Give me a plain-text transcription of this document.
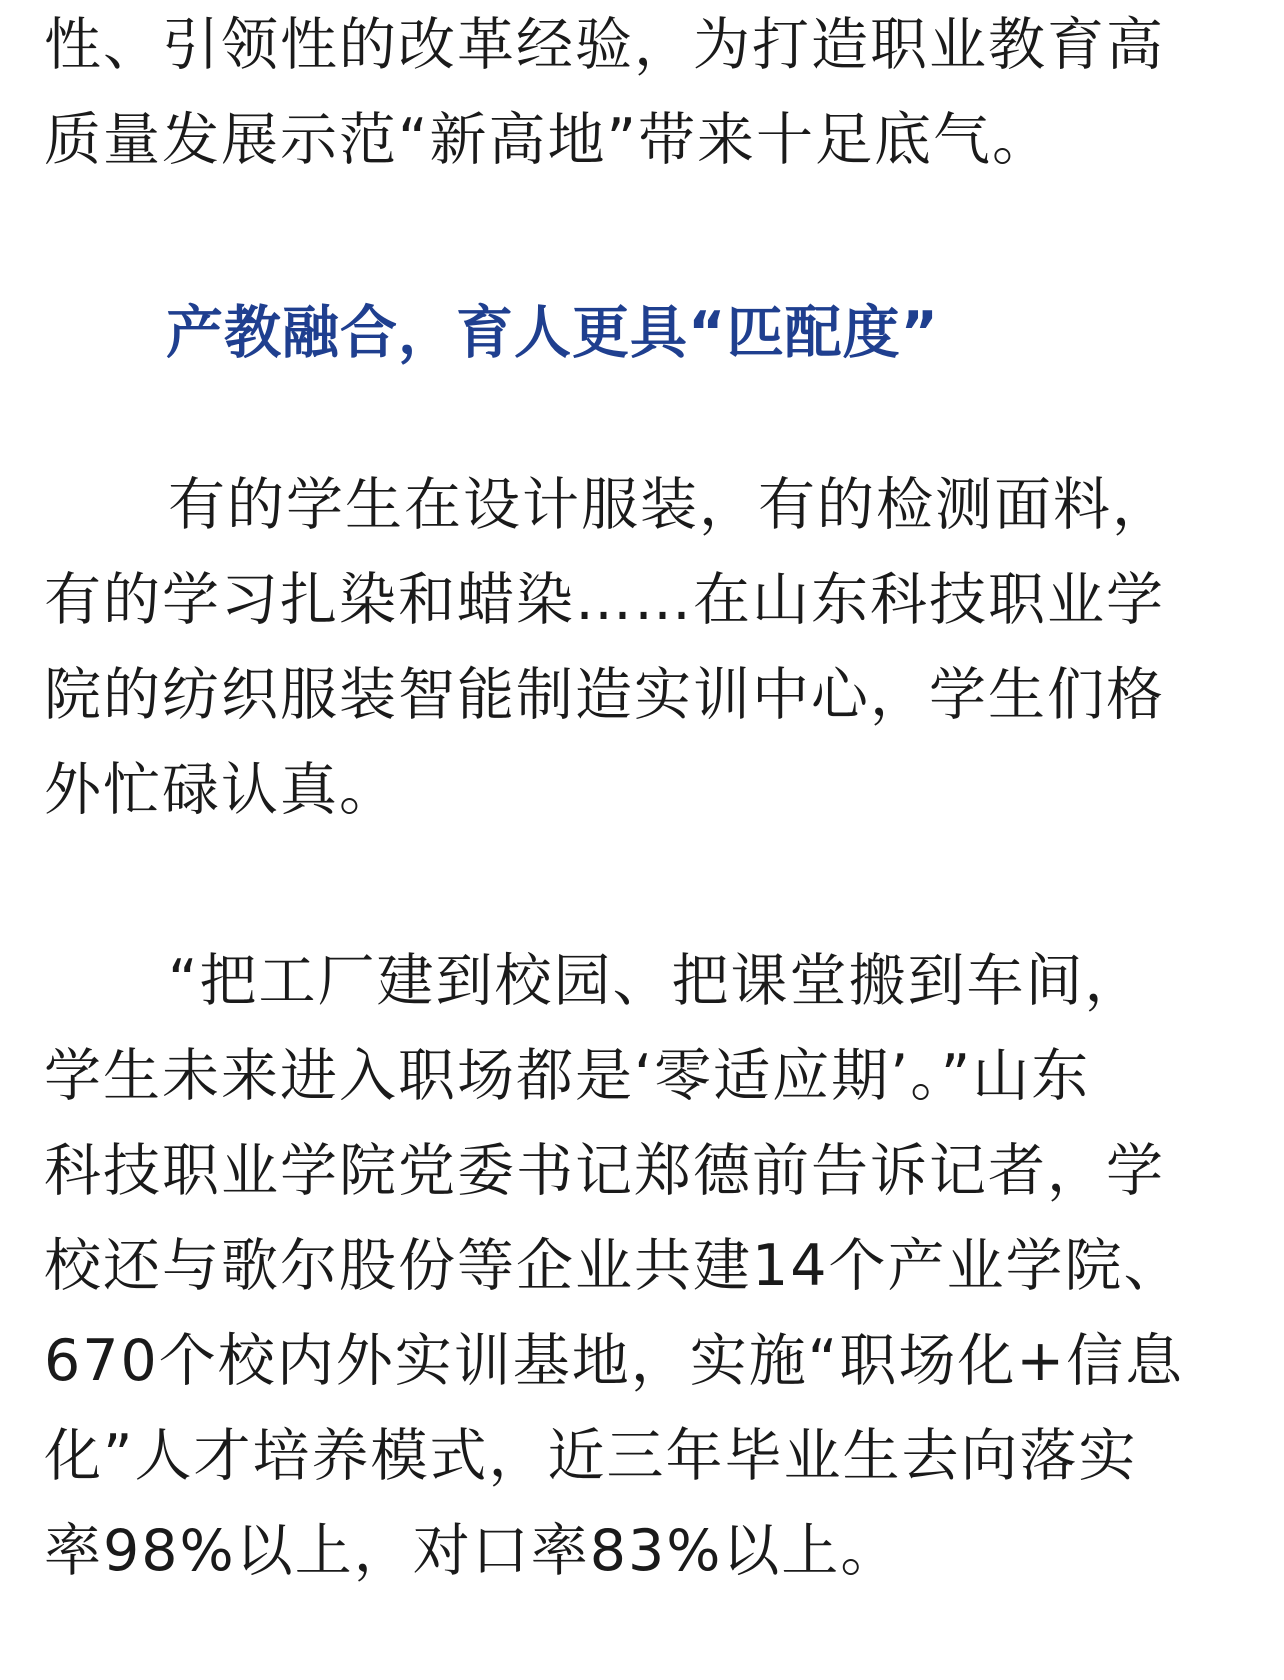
性、引领性的改革经验，为打造职业教育高
质量发展示范“新高地”带来十足底气。
产教融合，育人更具“匹配度”
有的学生在设计服装，有的检测面料，
有的学习扎染和蜡染……在山东科技职业学
院的纺织服装智能制造实训中心，学生们格
外忙碌认真。
“把工厂建到校园、把课堂搬到车间，
学生未来进入职场都是‘零适应期’。”山东
科技职业学院党委书记郑德前告诉记者，学
校还与歌尔股份等企业共建14个产业学院、
670个校内外实训基地，实施“职场化+信息
化”人才培养模式，近三年毕业生去向落实
率98%以上，对口率83%以上。
